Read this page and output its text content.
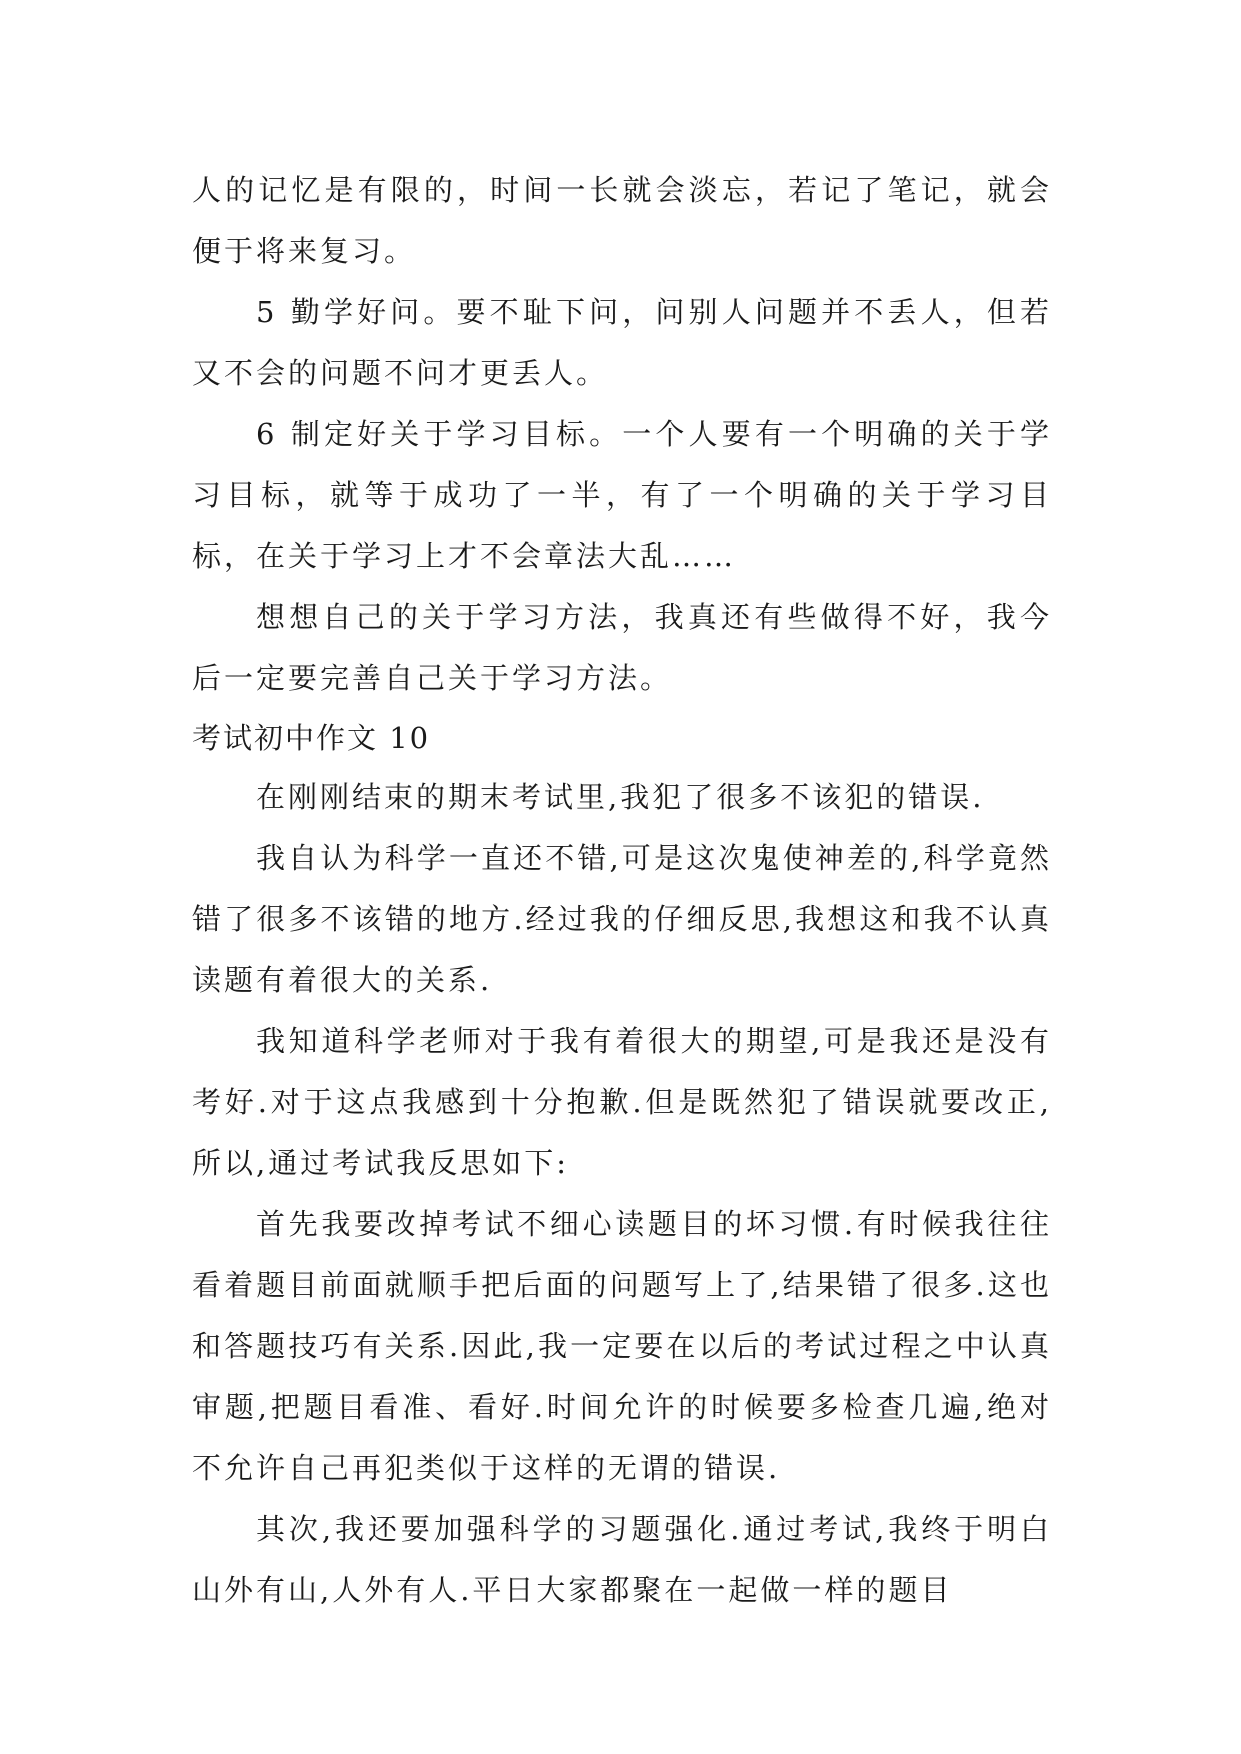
人的记忆是有限的，时间一长就会淡忘，若记了笔记，就会便于将来复习。

5 勤学好问。要不耻下问，问别人问题并不丢人，但若又不会的问题不问才更丢人。

6 制定好关于学习目标。一个人要有一个明确的关于学习目标，就等于成功了一半，有了一个明确的关于学习目标，在关于学习上才不会章法大乱……

想想自己的关于学习方法，我真还有些做得不好，我今后一定要完善自己关于学习方法。

考试初中作文 10

在刚刚结束的期末考试里,我犯了很多不该犯的错误.

我自认为科学一直还不错,可是这次鬼使神差的,科学竟然错了很多不该错的地方.经过我的仔细反思,我想这和我不认真读题有着很大的关系.

我知道科学老师对于我有着很大的期望,可是我还是没有考好.对于这点我感到十分抱歉.但是既然犯了错误就要改正,所以,通过考试我反思如下:

首先我要改掉考试不细心读题目的坏习惯.有时候我往往看着题目前面就顺手把后面的问题写上了,结果错了很多.这也和答题技巧有关系.因此,我一定要在以后的考试过程之中认真审题,把题目看准、看好.时间允许的时候要多检查几遍,绝对不允许自己再犯类似于这样的无谓的错误.

其次,我还要加强科学的习题强化.通过考试,我终于明白山外有山,人外有人.平日大家都聚在一起做一样的题目
